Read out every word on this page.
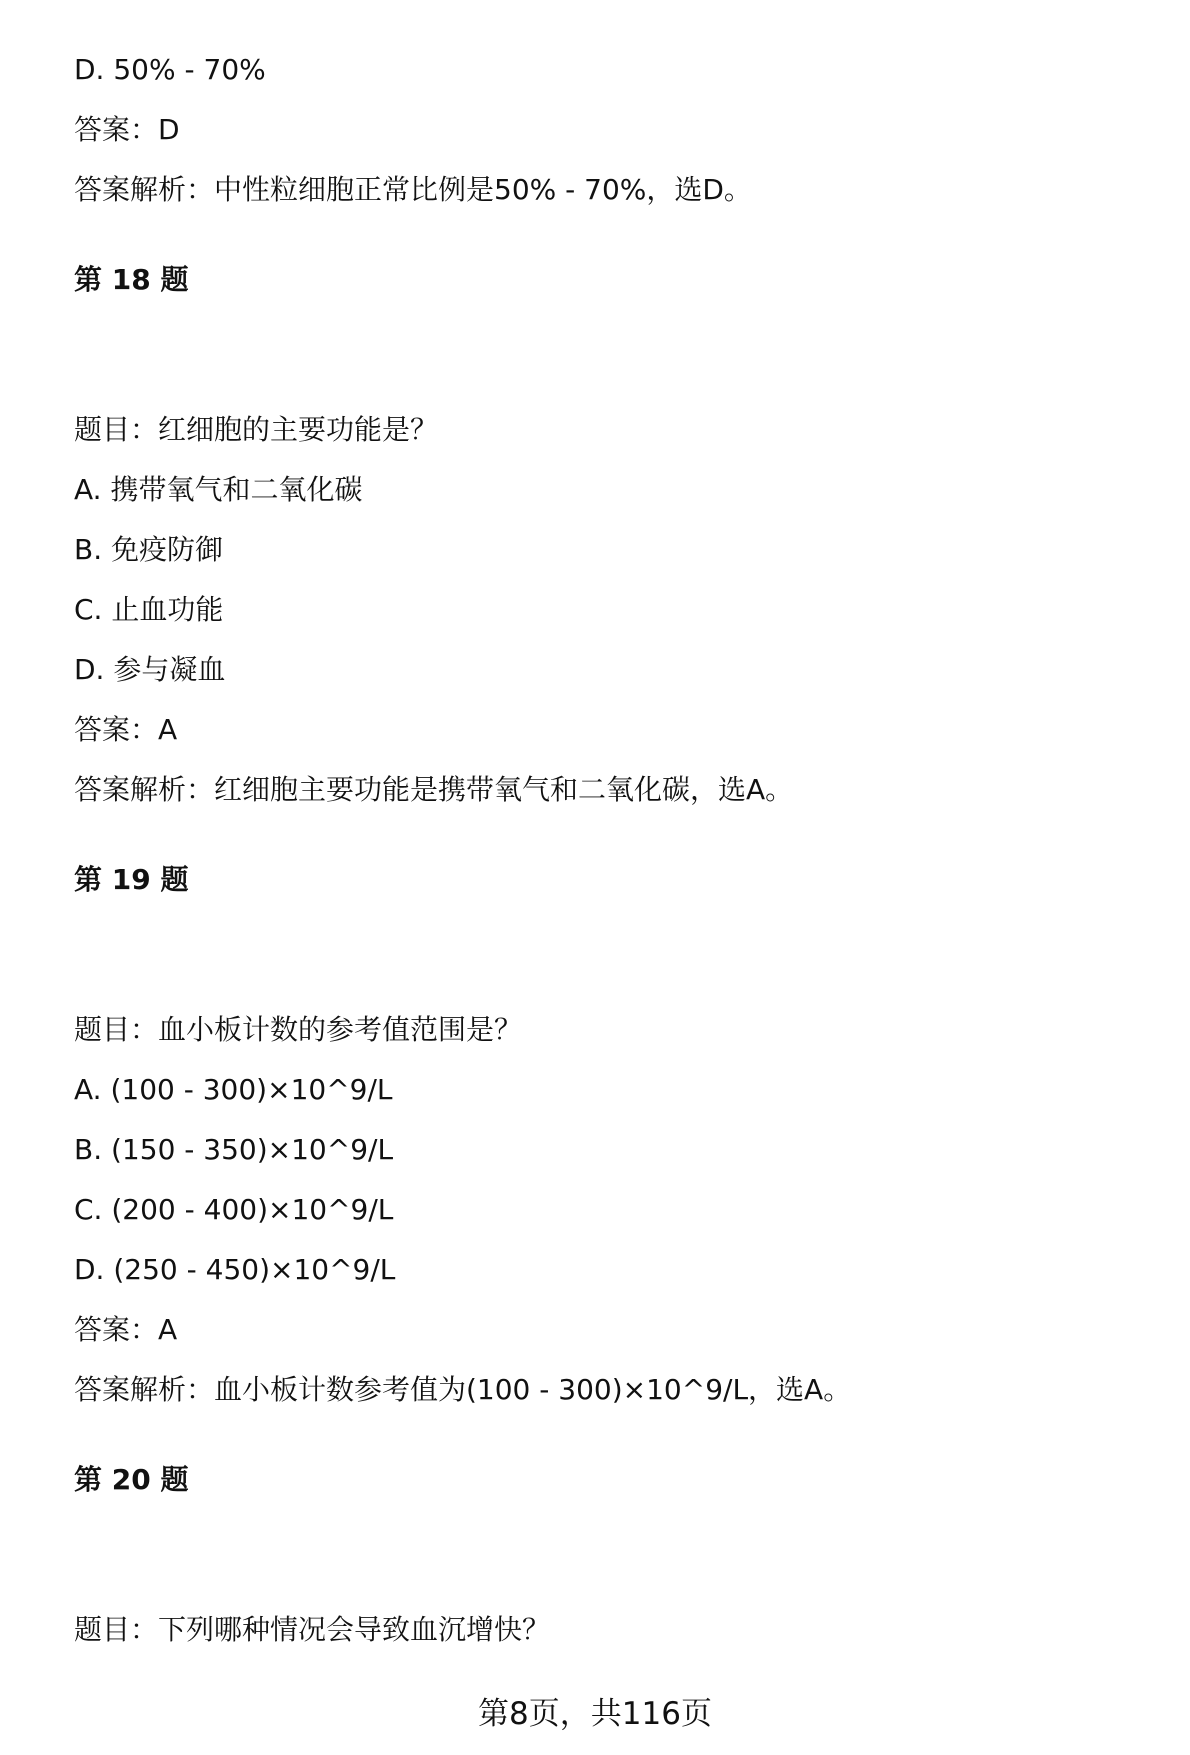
D. 50% - 70%
答案：D
答案解析：中性粒细胞正常比例是50% - 70%，选D。
第 18 题
题目：红细胞的主要功能是？
A. 携带氧气和二氧化碳
B. 免疫防御
C. 止血功能
D. 参与凝血
答案：A
答案解析：红细胞主要功能是携带氧气和二氧化碳，选A。
第 19 题
题目：血小板计数的参考值范围是？
A. (100 - 300)×10^9/L
B. (150 - 350)×10^9/L
C. (200 - 400)×10^9/L
D. (250 - 450)×10^9/L
答案：A
答案解析：血小板计数参考值为(100 - 300)×10^9/L，选A。
第 20 题
题目：下列哪种情况会导致血沉增快？
第8页，共116页
